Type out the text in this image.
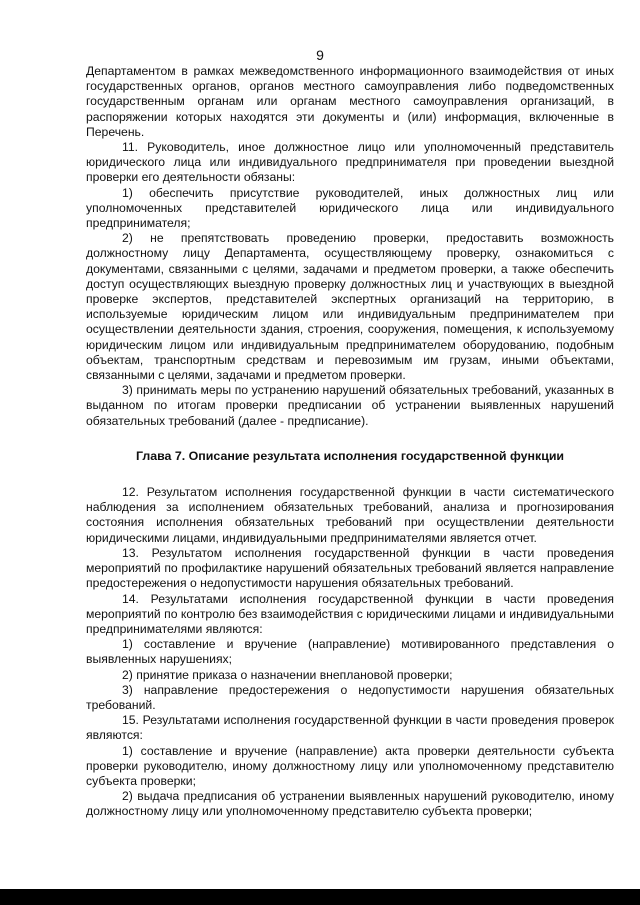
9

Департаментом в рамках межведомственного информационного взаимодействия от иных государственных органов, органов местного самоуправления либо подведомственных государственным органам или органам местного самоуправления организаций, в распоряжении которых находятся эти документы и (или) информация, включенные в Перечень.

11. Руководитель, иное должностное лицо или уполномоченный представитель юридического лица или индивидуального предпринимателя при проведении выездной проверки его деятельности обязаны:

1) обеспечить присутствие руководителей, иных должностных лиц или уполномоченных представителей юридического лица или индивидуального предпринимателя;

2) не препятствовать проведению проверки, предоставить возможность должностному лицу Департамента, осуществляющему проверку, ознакомиться с документами, связанными с целями, задачами и предметом проверки, а также обеспечить доступ осуществляющих выездную проверку должностных лиц и участвующих в выездной проверке экспертов, представителей экспертных организаций на территорию, в используемые юридическим лицом или индивидуальным предпринимателем при осуществлении деятельности здания, строения, сооружения, помещения, к используемому юридическим лицом или индивидуальным предпринимателем оборудованию, подобным объектам, транспортным средствам и перевозимым им грузам, иными объектами, связанными с целями, задачами и предметом проверки.

3) принимать меры по устранению нарушений обязательных требований, указанных в выданном по итогам проверки предписании об устранении выявленных нарушений обязательных требований (далее - предписание).

Глава 7. Описание результата исполнения государственной функции

12. Результатом исполнения государственной функции в части систематического наблюдения за исполнением обязательных требований, анализа и прогнозирования состояния исполнения обязательных требований при осуществлении деятельности юридическими лицами, индивидуальными предпринимателями является отчет.

13. Результатом исполнения государственной функции в части проведения мероприятий по профилактике нарушений обязательных требований является направление предостережения о недопустимости нарушения обязательных требований.

14. Результатами исполнения государственной функции в части проведения мероприятий по контролю без взаимодействия с юридическими лицами и индивидуальными предпринимателями являются:

1) составление и вручение (направление) мотивированного представления о выявленных нарушениях;

2) принятие приказа о назначении внеплановой проверки;

3) направление предостережения о недопустимости нарушения обязательных требований.

15. Результатами исполнения государственной функции в части проведения проверок являются:

1) составление и вручение (направление) акта проверки деятельности субъекта проверки руководителю, иному должностному лицу или уполномоченному представителю субъекта проверки;

2) выдача предписания об устранении выявленных нарушений руководителю, иному должностному лицу или уполномоченному представителю субъекта проверки;
